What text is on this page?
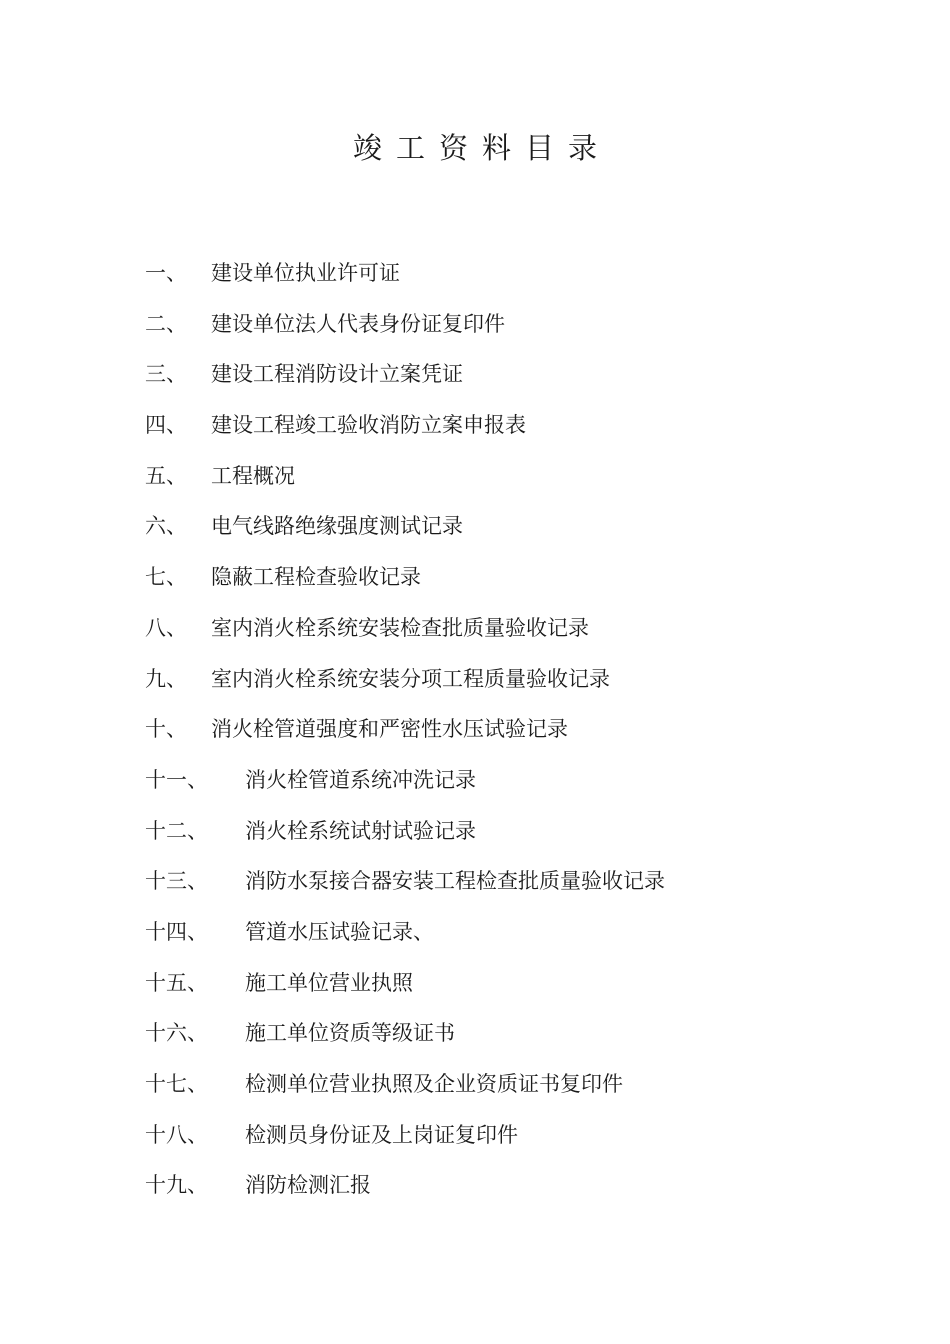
竣工资料目录
一、	建设单位执业许可证
二、	建设单位法人代表身份证复印件
三、	建设工程消防设计立案凭证
四、	建设工程竣工验收消防立案申报表
五、	工程概况
六、	电气线路绝缘强度测试记录
七、	隐蔽工程检查验收记录
八、	室内消火栓系统安装检查批质量验收记录
九、	室内消火栓系统安装分项工程质量验收记录
十、	消火栓管道强度和严密性水压试验记录
十一、	消火栓管道系统冲洗记录
十二、	消火栓系统试射试验记录
十三、	消防水泵接合器安装工程检查批质量验收记录
十四、	管道水压试验记录、
十五、	施工单位营业执照
十六、	施工单位资质等级证书
十七、	检测单位营业执照及企业资质证书复印件
十八、	检测员身份证及上岗证复印件
十九、	消防检测汇报
